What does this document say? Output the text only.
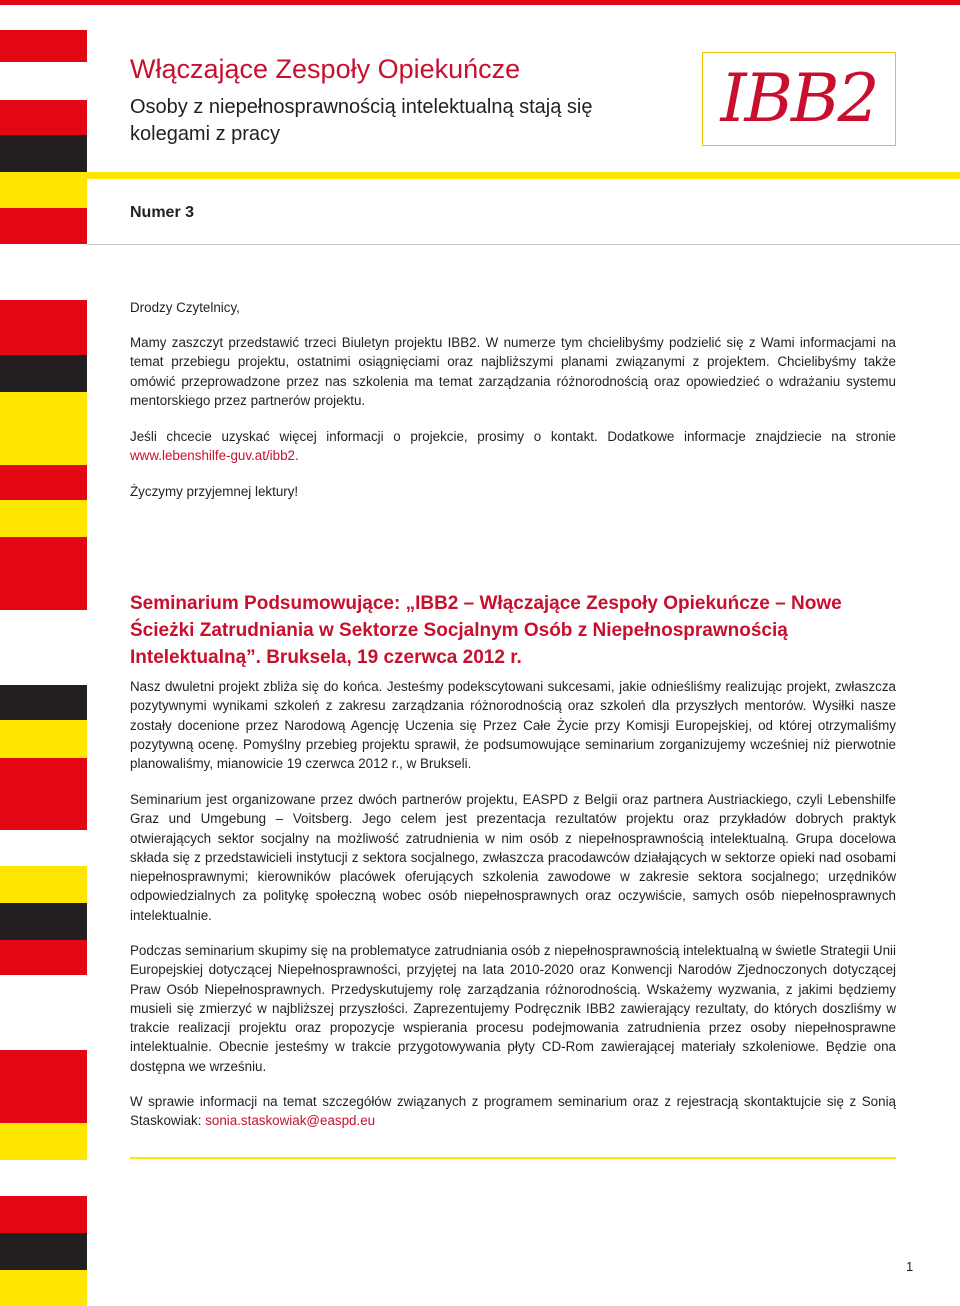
Włączające Zespoły Opiekuńcze
Osoby z niepełnosprawnością intelektualną stają się kolegami z pracy	IBB2
Numer 3

Drodzy Czytelnicy,

Mamy zaszczyt przedstawić trzeci Biuletyn projektu IBB2. W numerze tym chcielibyśmy podzielić się z Wami informacjami na temat przebiegu projektu, ostatnimi osiągnięciami oraz najbliższymi planami związanymi z projektem. Chcielibyśmy także omówić przeprowadzone przez nas szkolenia ma temat zarządzania różnorodnością oraz opowiedzieć o wdrażaniu systemu mentorskiego przez partnerów projektu.

Jeśli chcecie uzyskać więcej informacji o projekcie, prosimy o kontakt. Dodatkowe informacje znajdziecie na stronie www.lebenshilfe-guv.at/ibb2.

Życzymy przyjemnej lektury!

Seminarium Podsumowujące: „IBB2 – Włączające Zespoły Opiekuńcze – Nowe Ścieżki Zatrudniania w Sektorze Socjalnym Osób z Niepełnosprawnością Intelektualną”. Bruksela, 19 czerwca 2012 r.

Nasz dwuletni projekt zbliża się do końca. Jesteśmy podekscytowani sukcesami, jakie odnieśliśmy realizując projekt, zwłaszcza pozytywnymi wynikami szkoleń z zakresu zarządzania różnorodnością oraz szkoleń dla przyszłych mentorów. Wysiłki nasze zostały docenione przez Narodową Agencję Uczenia się Przez Całe Życie przy Komisji Europejskiej, od której otrzymaliśmy pozytywną ocenę. Pomyślny przebieg projektu sprawił, że podsumowujące seminarium zorganizujemy wcześniej niż pierwotnie planowaliśmy, mianowicie 19 czerwca 2012 r., w Brukseli.

Seminarium jest organizowane przez dwóch partnerów projektu, EASPD z Belgii oraz partnera Austriackiego, czyli Lebenshilfe Graz und Umgebung – Voitsberg. Jego celem jest prezentacja rezultatów projektu oraz przykładów dobrych praktyk otwierających sektor socjalny na możliwość zatrudnienia w nim osób z niepełnosprawnością intelektualną. Grupa docelowa składa się z przedstawicieli instytucji z sektora socjalnego, zwłaszcza pracodawców działających w sektorze opieki nad osobami niepełnosprawnymi; kierowników placówek oferujących szkolenia zawodowe w zakresie sektora socjalnego; urzędników odpowiedzialnych za politykę społeczną wobec osób niepełnosprawnych oraz oczywiście, samych osób niepełnosprawnych intelektualnie.

Podczas seminarium skupimy się na problematyce zatrudniania osób z niepełnosprawnością intelektualną w świetle Strategii Unii Europejskiej dotyczącej Niepełnosprawności, przyjętej na lata 2010-2020 oraz Konwencji Narodów Zjednoczonych dotyczącej Praw Osób Niepełnosprawnych. Przedyskutujemy rolę zarządzania różnorodnością. Wskażemy wyzwania, z jakimi będziemy musieli się zmierzyć w najbliższej przyszłości. Zaprezentujemy Podręcznik IBB2 zawierający rezultaty, do których doszliśmy w trakcie realizacji projektu oraz propozycje wspierania procesu podejmowania zatrudnienia przez osoby niepełnosprawne intelektualnie. Obecnie jesteśmy w trakcie przygotowywania płyty CD-Rom zawierającej materiały szkoleniowe. Będzie ona dostępna we wrześniu.

W sprawie informacji na temat szczegółów związanych z programem seminarium oraz z rejestracją skontaktujcie się z Sonią Staskowiak: sonia.staskowiak@easpd.eu

1
